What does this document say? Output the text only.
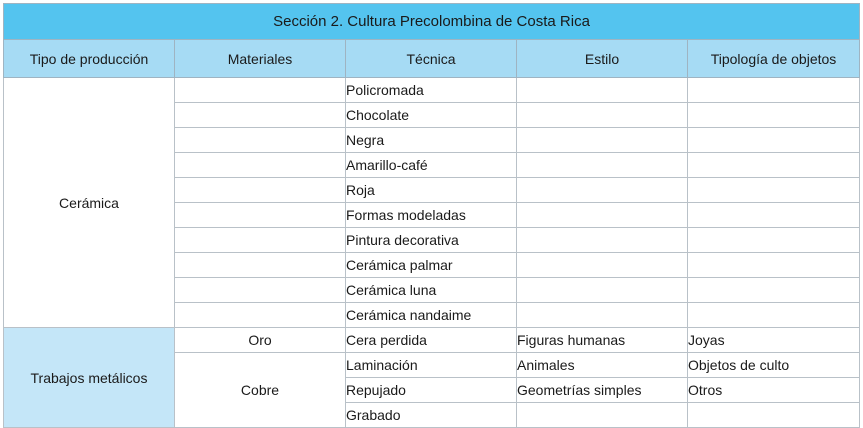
Sección 2. Cultura Precolombina de Costa Rica				
Tipo de producción	Materiales	Técnica	Estilo	Tipología de objetos
Cerámica		Policromada		
		Chocolate		
		Negra		
		Amarillo-café		
		Roja		
		Formas modeladas		
		Pintura decorativa		
		Cerámica palmar		
		Cerámica luna		
		Cerámica nandaime		
Trabajos metálicos	Oro	Cera perdida	Figuras humanas	Joyas
	Cobre	Laminación	Animales	Objetos de culto
		Repujado	Geometrías simples	Otros
		Grabado		
